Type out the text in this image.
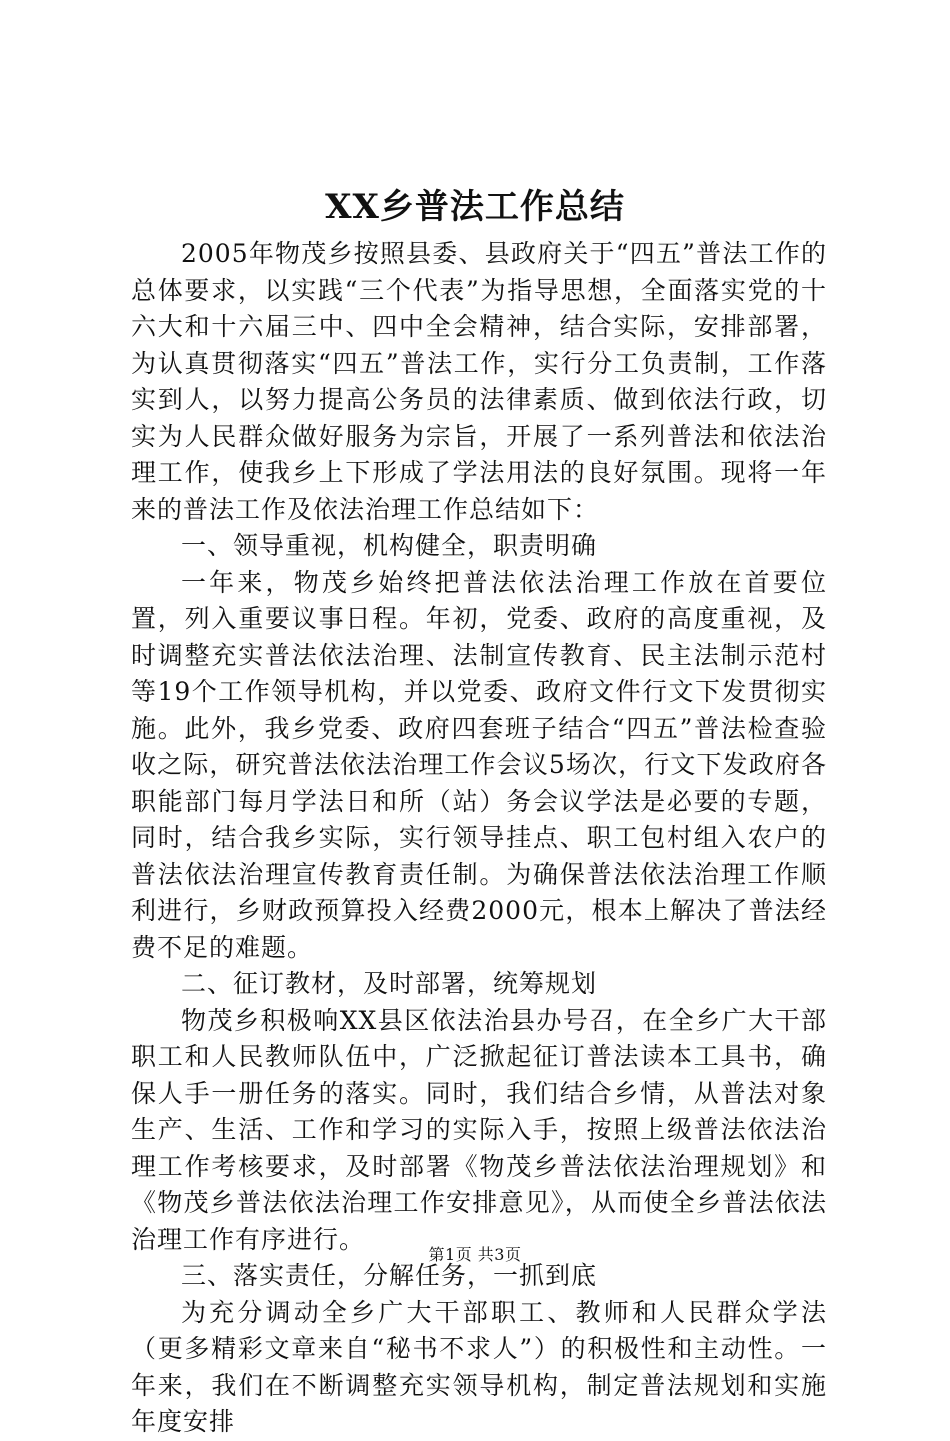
XX乡普法工作总结

2005年物茂乡按照县委、县政府关于“四五”普法工作的总体要求，以实践“三个代表”为指导思想，全面落实党的十六大和十六届三中、四中全会精神，结合实际，安排部署，为认真贯彻落实“四五”普法工作，实行分工负责制，工作落实到人，以努力提高公务员的法律素质、做到依法行政，切实为人民群众做好服务为宗旨，开展了一系列普法和依法治理工作，使我乡上下形成了学法用法的良好氛围。现将一年来的普法工作及依法治理工作总结如下：

一、领导重视，机构健全，职责明确

一年来，物茂乡始终把普法依法治理工作放在首要位置，列入重要议事日程。年初，党委、政府的高度重视，及时调整充实普法依法治理、法制宣传教育、民主法制示范村等19个工作领导机构，并以党委、政府文件行文下发贯彻实施。此外，我乡党委、政府四套班子结合“四五”普法检查验收之际，研究普法依法治理工作会议5场次，行文下发政府各职能部门每月学法日和所（站）务会议学法是必要的专题，同时，结合我乡实际，实行领导挂点、职工包村组入农户的普法依法治理宣传教育责任制。为确保普法依法治理工作顺利进行，乡财政预算投入经费2000元，根本上解决了普法经费不足的难题。

二、征订教材，及时部署，统筹规划

物茂乡积极响XX县区依法治县办号召，在全乡广大干部职工和人民教师队伍中，广泛掀起征订普法读本工具书，确保人手一册任务的落实。同时，我们结合乡情，从普法对象生产、生活、工作和学习的实际入手，按照上级普法依法治理工作考核要求，及时部署《物茂乡普法依法治理规划》和《物茂乡普法依法治理工作安排意见》，从而使全乡普法依法治理工作有序进行。

三、落实责任，分解任务，一抓到底

为充分调动全乡广大干部职工、教师和人民群众学法（更多精彩文章来自“秘书不求人”）的积极性和主动性。一年来，我们在不断调整充实领导机构，制定普法规划和实施年度安排

第1页 共3页
